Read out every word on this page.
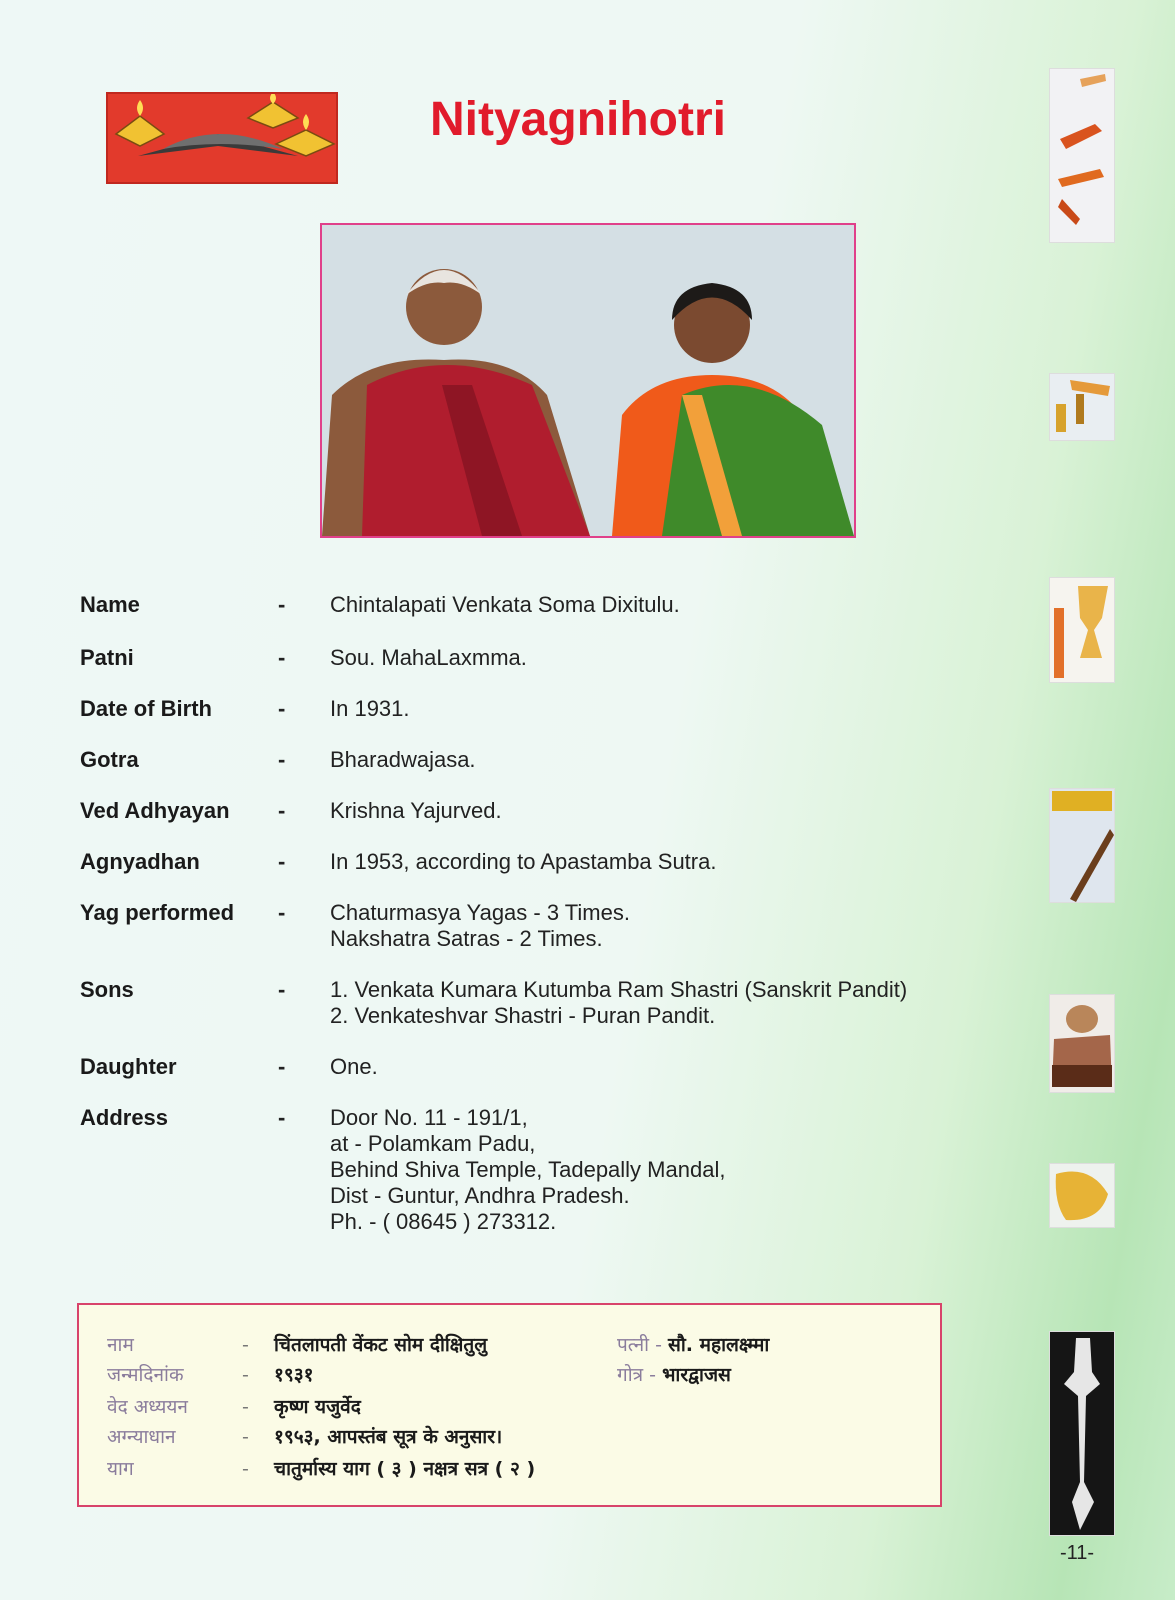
Nityagnihotri
Name	-	Chintalapati Venkata Soma Dixitulu.
Patni	-	Sou. MahaLaxmma.
Date of Birth	-	In 1931.
Gotra	-	Bharadwajasa.
Ved Adhyayan	-	Krishna Yajurved.
Agnyadhan	-	In 1953, according to Apastamba Sutra.
Yag performed	-	Chaturmasya Yagas - 3 Times.
Nakshatra Satras - 2 Times.
Sons	-	1. Venkata Kumara Kutumba Ram Shastri (Sanskrit Pandit)
2. Venkateshvar Shastri - Puran Pandit.
Daughter	-	One.
Address	-	Door No. 11 - 191/1,
at - Polamkam Padu,
Behind Shiva Temple, Tadepally Mandal,
Dist - Guntur, Andhra Pradesh.
Ph. - ( 08645 ) 273312.
नाम	- चिंतलापती वेंकट सोम दीक्षितुलु	पत्नी - सौ. महालक्ष्म्मा
जन्मदिनांक	- १९३१	गोत्र - भारद्वाजस
वेद अध्ययन	- कृष्ण यजुर्वेद
अग्न्याधान	- १९५३, आपस्तंब सूत्र के अनुसार।
याग	- चातुर्मास्य याग ( ३ ) नक्षत्र सत्र ( २ )
-11-
